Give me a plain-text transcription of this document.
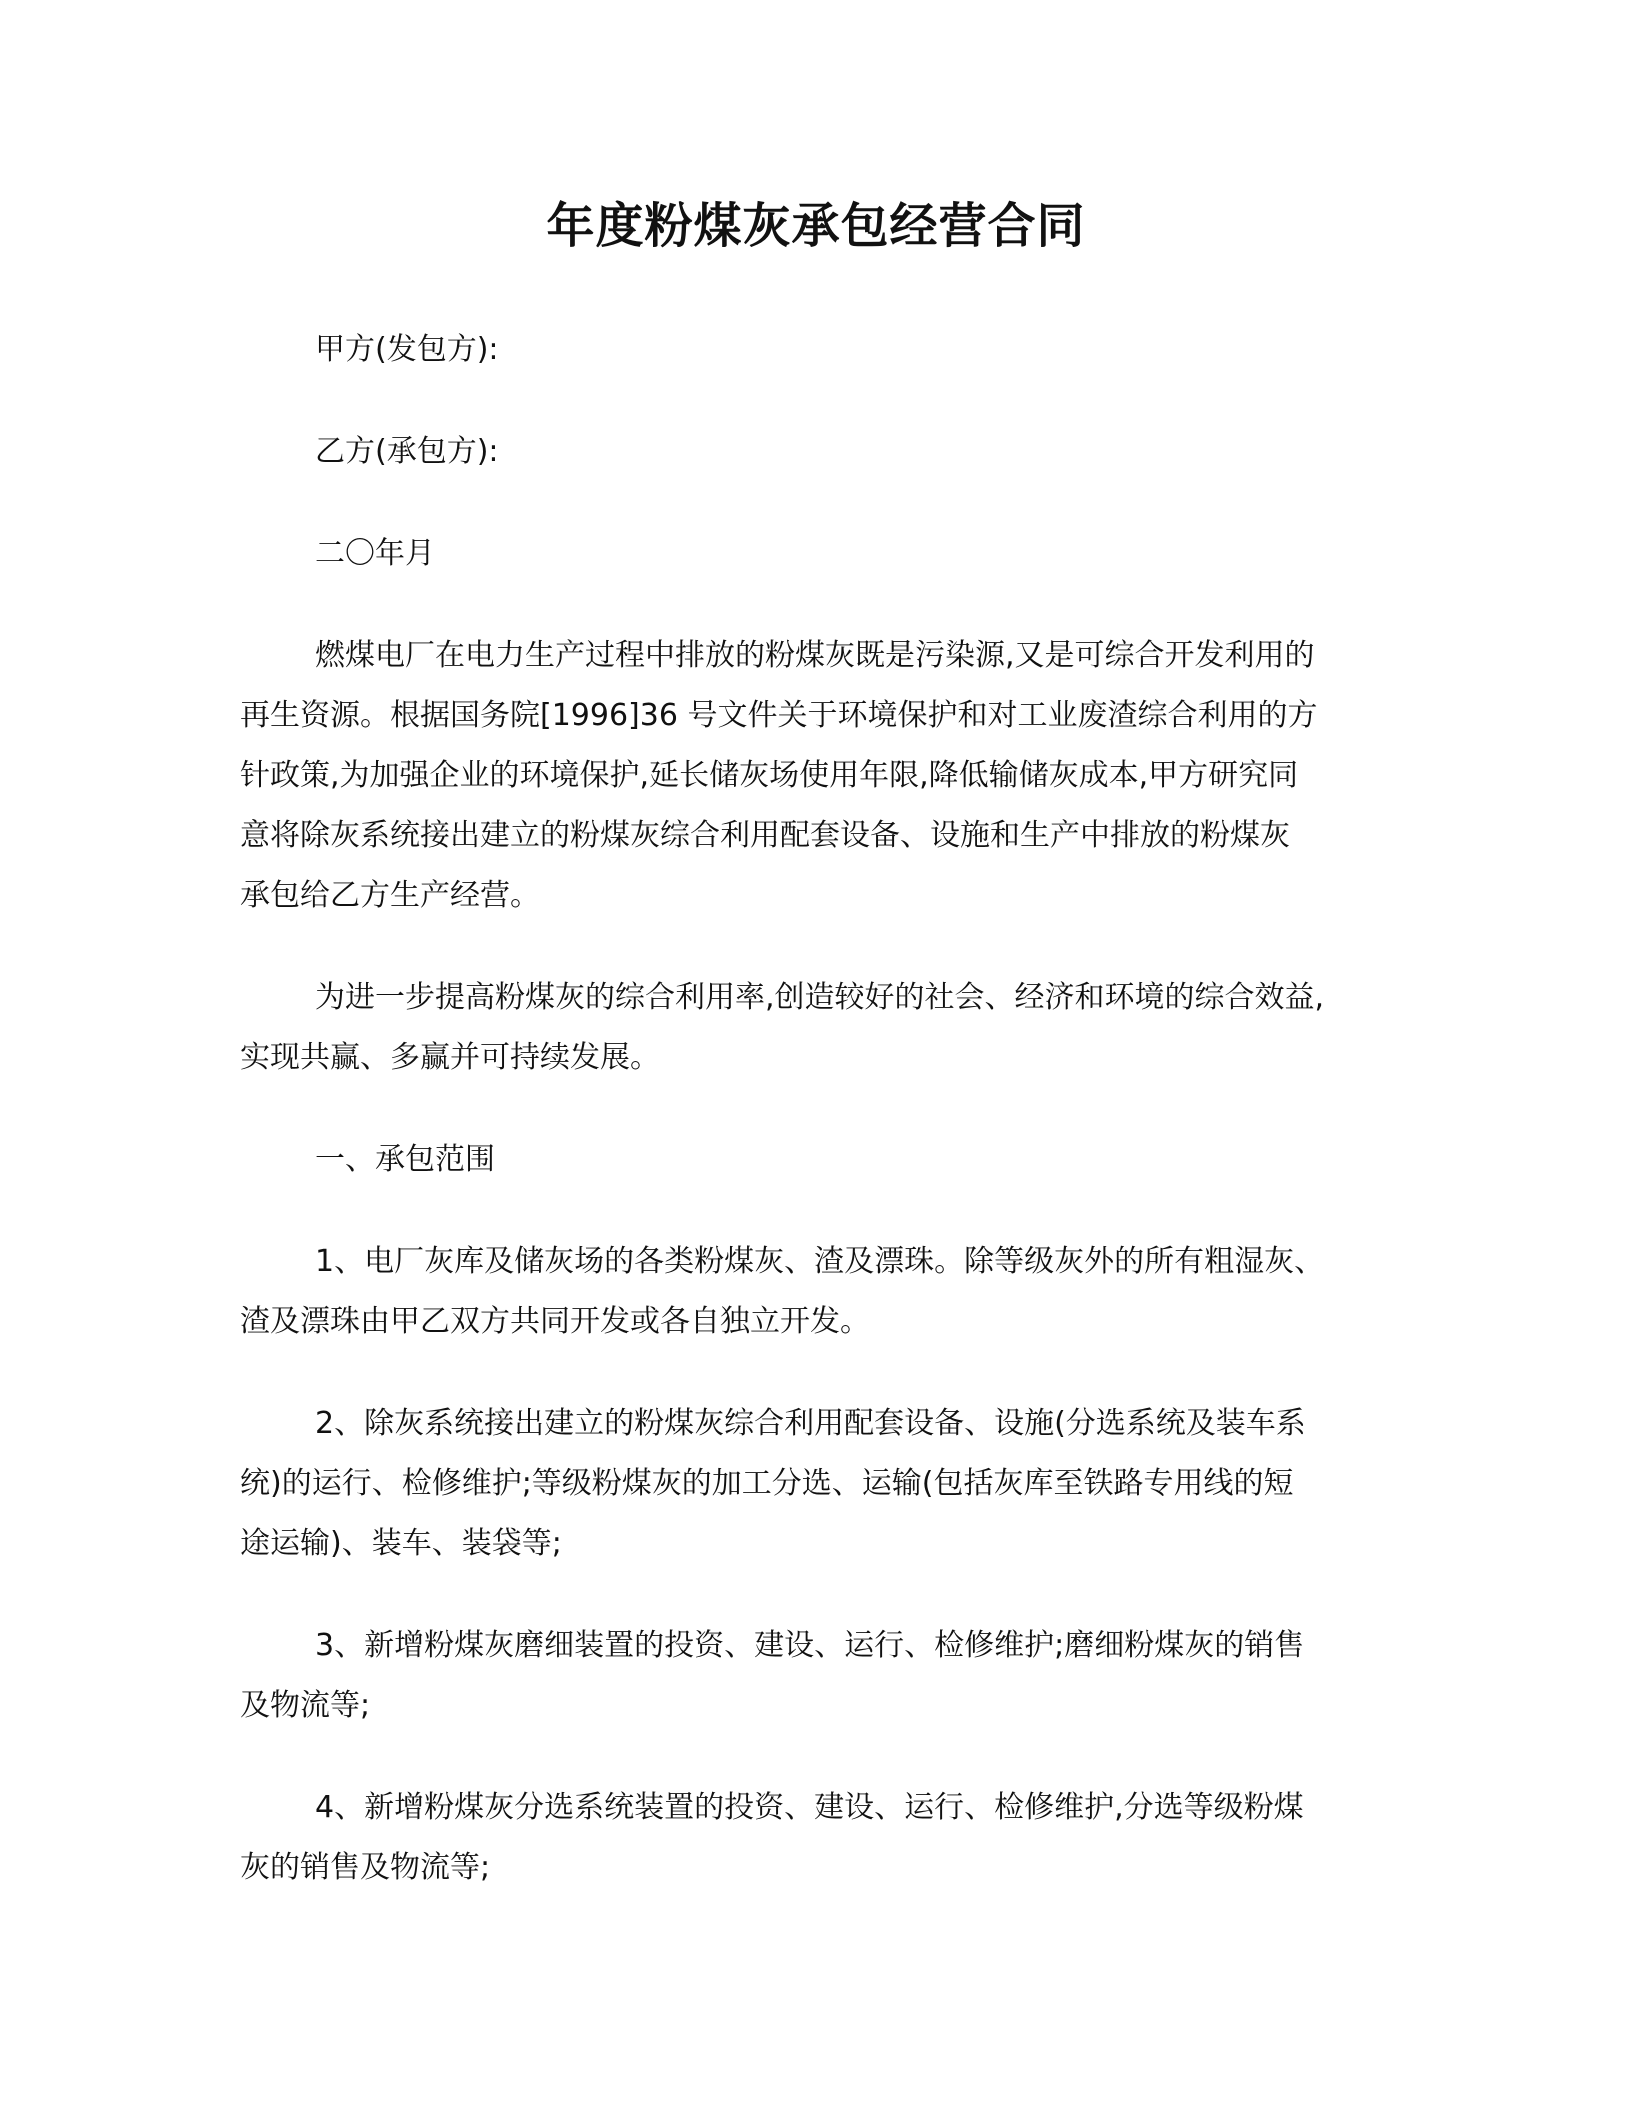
年度粉煤灰承包经营合同

甲方(发包方):

乙方(承包方):

二〇年月

燃煤电厂在电力生产过程中排放的粉煤灰既是污染源,又是可综合开发利用的

再生资源。根据国务院[1996]36 号文件关于环境保护和对工业废渣综合利用的方

针政策,为加强企业的环境保护,延长储灰场使用年限,降低输储灰成本,甲方研究同

意将除灰系统接出建立的粉煤灰综合利用配套设备、设施和生产中排放的粉煤灰

承包给乙方生产经营。

为进一步提高粉煤灰的综合利用率,创造较好的社会、经济和环境的综合效益,

实现共赢、多赢并可持续发展。

一、承包范围

1、电厂灰库及储灰场的各类粉煤灰、渣及漂珠。除等级灰外的所有粗湿灰、

渣及漂珠由甲乙双方共同开发或各自独立开发。

2、除灰系统接出建立的粉煤灰综合利用配套设备、设施(分选系统及装车系

统)的运行、检修维护;等级粉煤灰的加工分选、运输(包括灰库至铁路专用线的短

途运输)、装车、装袋等;

3、新增粉煤灰磨细装置的投资、建设、运行、检修维护;磨细粉煤灰的销售

及物流等;

4、新增粉煤灰分选系统装置的投资、建设、运行、检修维护,分选等级粉煤

灰的销售及物流等;
